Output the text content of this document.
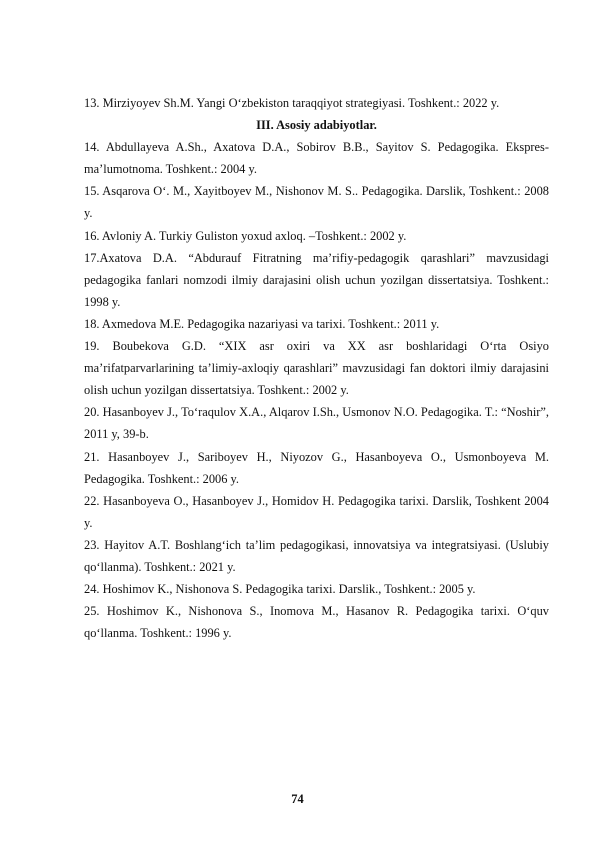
13. Mirziyoyev Sh.M. Yangi O‘zbekiston taraqqiyot strategiyasi. Toshkent.: 2022 y.

III. Asosiy adabiyotlar.

14. Abdullayeva A.Sh., Axatova D.A., Sobirov B.B., Sayitov S. Pedagogika. Ekspres-ma’lumotnoma. Toshkent.: 2004 y.

15. Asqarova O‘. M., Xayitboyev M., Nishonov M. S.. Pedagogika. Darslik, Toshkent.: 2008 y.

16. Avloniy A. Turkiy Guliston yoxud axloq. –Toshkent.: 2002 y.

17.Axatova D.A. “Abdurauf Fitratning ma’rifiy-pedagogik qarashlari” mavzusidagi pedagogika fanlari nomzodi ilmiy darajasini olish uchun yozilgan dissertatsiya. Toshkent.: 1998 y.

18. Axmedova M.E. Pedagogika nazariyasi va tarixi. Toshkent.: 2011 y.

19. Boubekova G.D. “XIX asr oxiri va XX asr boshlaridagi O‘rta Osiyo ma’rifatparvarlarining ta’limiy-axloqiy qarashlari” mavzusidagi fan doktori ilmiy darajasini olish uchun yozilgan dissertatsiya. Toshkent.: 2002 y.

20. Hasanboyev J., To‘raqulov X.A., Alqarov I.Sh., Usmonov N.O. Pedagogika. T.: “Noshir”, 2011 y, 39-b.

21. Hasanboyev J., Sariboyev H., Niyozov G., Hasanboyeva O., Usmonboyeva M. Pedagogika. Toshkent.: 2006 y.

22. Hasanboyeva O., Hasanboyev J., Homidov H. Pedagogika tarixi. Darslik, Toshkent 2004 y.

23. Hayitov A.T. Boshlang‘ich ta’lim pedagogikasi, innovatsiya va integratsiyasi. (Uslubiy qo‘llanma). Toshkent.: 2021 y.

24. Hoshimov K., Nishonova S. Pedagogika tarixi. Darslik., Toshkent.: 2005 y.

25. Hoshimov K., Nishonova S., Inomova M., Hasanov R. Pedagogika tarixi. O‘quv qo‘llanma. Toshkent.: 1996 y.

74
